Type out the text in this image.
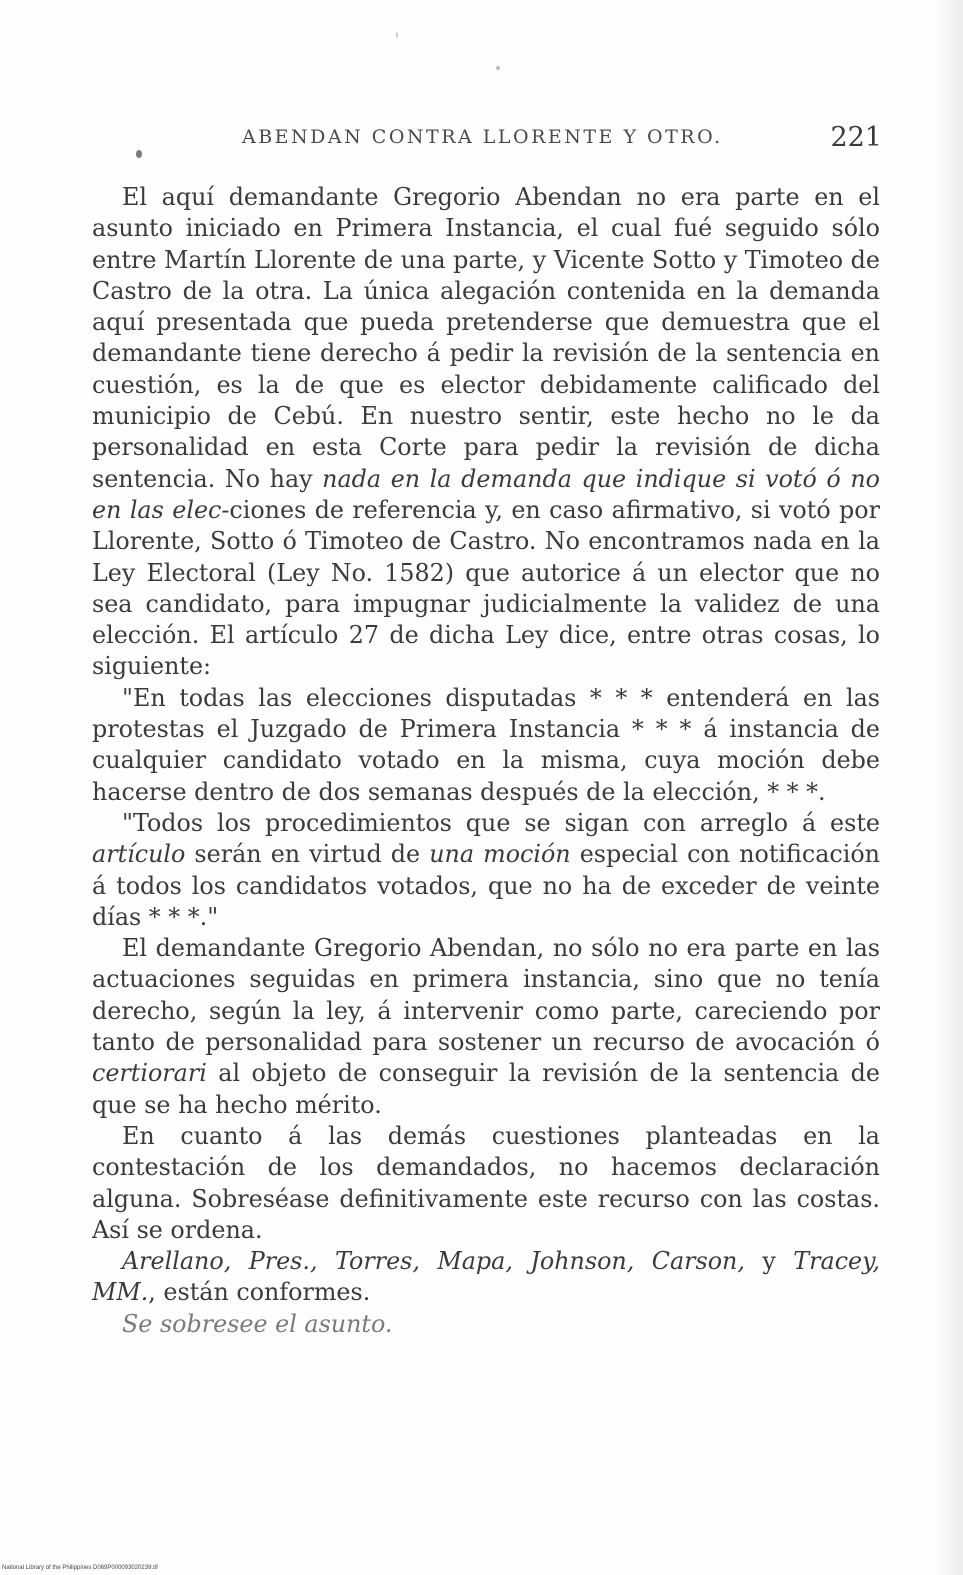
ABENDAN CONTRA LLORENTE Y OTRO.	221

El aquí demandante Gregorio Abendan no era parte en el asunto iniciado en Primera Instancia, el cual fué seguido sólo entre Martín Llorente de una parte, y Vicente Sotto y Timoteo de Castro de la otra. La única alegación contenida en la demanda aquí presentada que pueda pretenderse que demuestra que el demandante tiene derecho á pedir la revisión de la sentencia en cuestión, es la de que es elector debidamente calificado del municipio de Cebú. En nuestro sentir, este hecho no le da personalidad en esta Corte para pedir la revisión de dicha sentencia. No hay nada en la demanda que indique si votó ó no en las elec-ciones de referencia y, en caso afirmativo, si votó por Llorente, Sotto ó Timoteo de Castro. No encontramos nada en la Ley Electoral (Ley No. 1582) que autorice á un elector que no sea candidato, para impugnar judicialmente la validez de una elección. El artículo 27 de dicha Ley dice, entre otras cosas, lo siguiente:

"En todas las elecciones disputadas * * * entenderá en las protestas el Juzgado de Primera Instancia * * * á instancia de cualquier candidato votado en la misma, cuya moción debe hacerse dentro de dos semanas después de la elección, * * *.

"Todos los procedimientos que se sigan con arreglo á este artículo serán en virtud de una moción especial con notificación á todos los candidatos votados, que no ha de exceder de veinte días * * *."

El demandante Gregorio Abendan, no sólo no era parte en las actuaciones seguidas en primera instancia, sino que no tenía derecho, según la ley, á intervenir como parte, careciendo por tanto de personalidad para sostener un recurso de avocación ó certiorari al objeto de conseguir la revisión de la sentencia de que se ha hecho mérito.

En cuanto á las demás cuestiones planteadas en la contestación de los demandados, no hacemos declaración alguna. Sobreséase definitivamente este recurso con las costas. Así se ordena.

Arellano, Pres., Torres, Mapa, Johnson, Carson, y Tracey, MM., están conformes.

Se sobresee el asunto.

National Library of the Philippines D069P000093020239.tif
